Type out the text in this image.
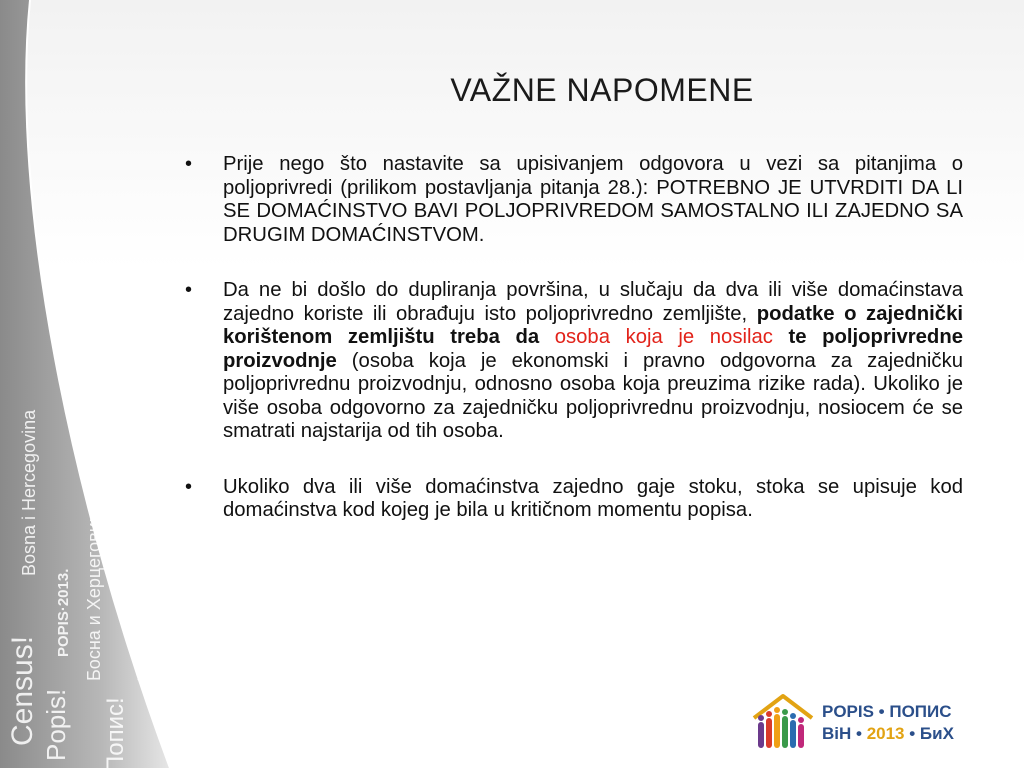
Census!
Bosna i Hercegovina
Popis!
POPIS·2013.
Попис!
Босна и Херцеговина ПОПИС·2013.
VAŽNE NAPOMENE
• Prije nego što nastavite sa upisivanjem odgovora u vezi sa pitanjima o poljoprivredi (prilikom postavljanja pitanja 28.): POTREBNO JE UTVRDITI DA LI SE DOMAĆINSTVO BAVI POLJOPRIVREDOM SAMOSTALNO ILI ZAJEDNO SA DRUGIM DOMAĆINSTVOM.
• Da ne bi došlo do dupliranja površina, u slučaju da dva ili više domaćinstava zajedno koriste ili obrađuju isto poljoprivredno zemljište, podatke o zajednički korištenom zemljištu treba da osoba koja je nosilac te poljoprivredne proizvodnje (osoba koja je ekonomski i pravno odgovorna za zajedničku poljoprivrednu proizvodnju, odnosno osoba koja preuzima rizike rada). Ukoliko je više osoba odgovorno za zajedničku poljoprivrednu proizvodnju, nosiocem će se smatrati najstarija od tih osoba.
• Ukoliko dva ili više domaćinstva zajedno gaje stoku, stoka se upisuje kod domaćinstva kod kojeg je bila u kritičnom momentu popisa.
POPIS • ПОПИС
BiH • 2013 • БиХ
